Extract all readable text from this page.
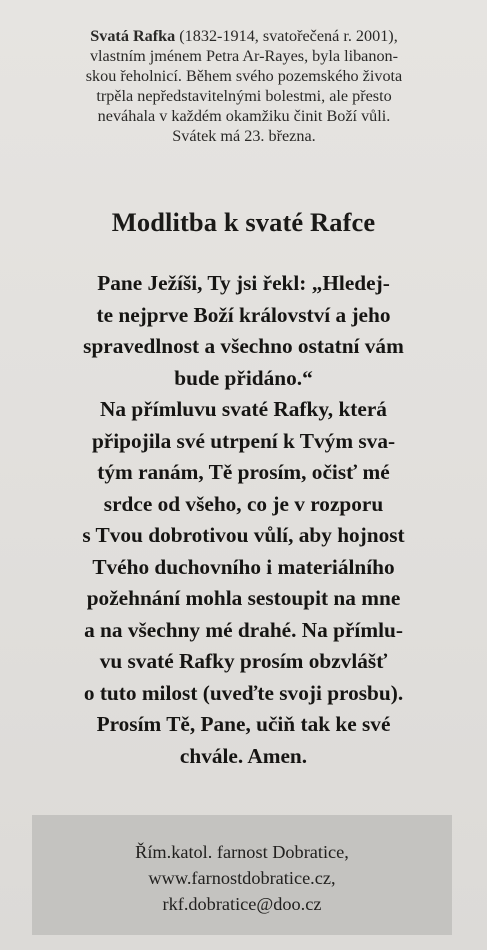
Svatá Rafka (1832-1914, svatořečená r. 2001),
vlastním jménem Petra Ar-Rayes, byla libanon-
skou řeholnicí. Během svého pozemského života
trpěla nepředstavitelnými bolestmi, ale přesto
neváhala v každém okamžiku činit Boží vůli.
Svátek má 23. března.
Modlitba k svaté Rafce
Pane Ježíši, Ty jsi řekl: „Hledej-
te nejprve Boží království a jeho
spravedlnost a všechno ostatní vám
bude přidáno.“
Na přímluvu svaté Rafky, která
připojila své utrpení k Tvým sva-
tým ranám, Tě prosím, očisť mé
srdce od všeho, co je v rozporu
s Tvou dobrotivou vůlí, aby hojnost
Tvého duchovního i materiálního
požehnání mohla sestoupit na mne
a na všechny mé drahé. Na přímlu-
vu svaté Rafky prosím obzvlášť
o tuto milost (uveďte svoji prosbu).
Prosím Tě, Pane, učiň tak ke své
chvále. Amen.
Řím.katol. farnost Dobratice,
www.farnostdobratice.cz,
rkf.dobratice@doo.cz
